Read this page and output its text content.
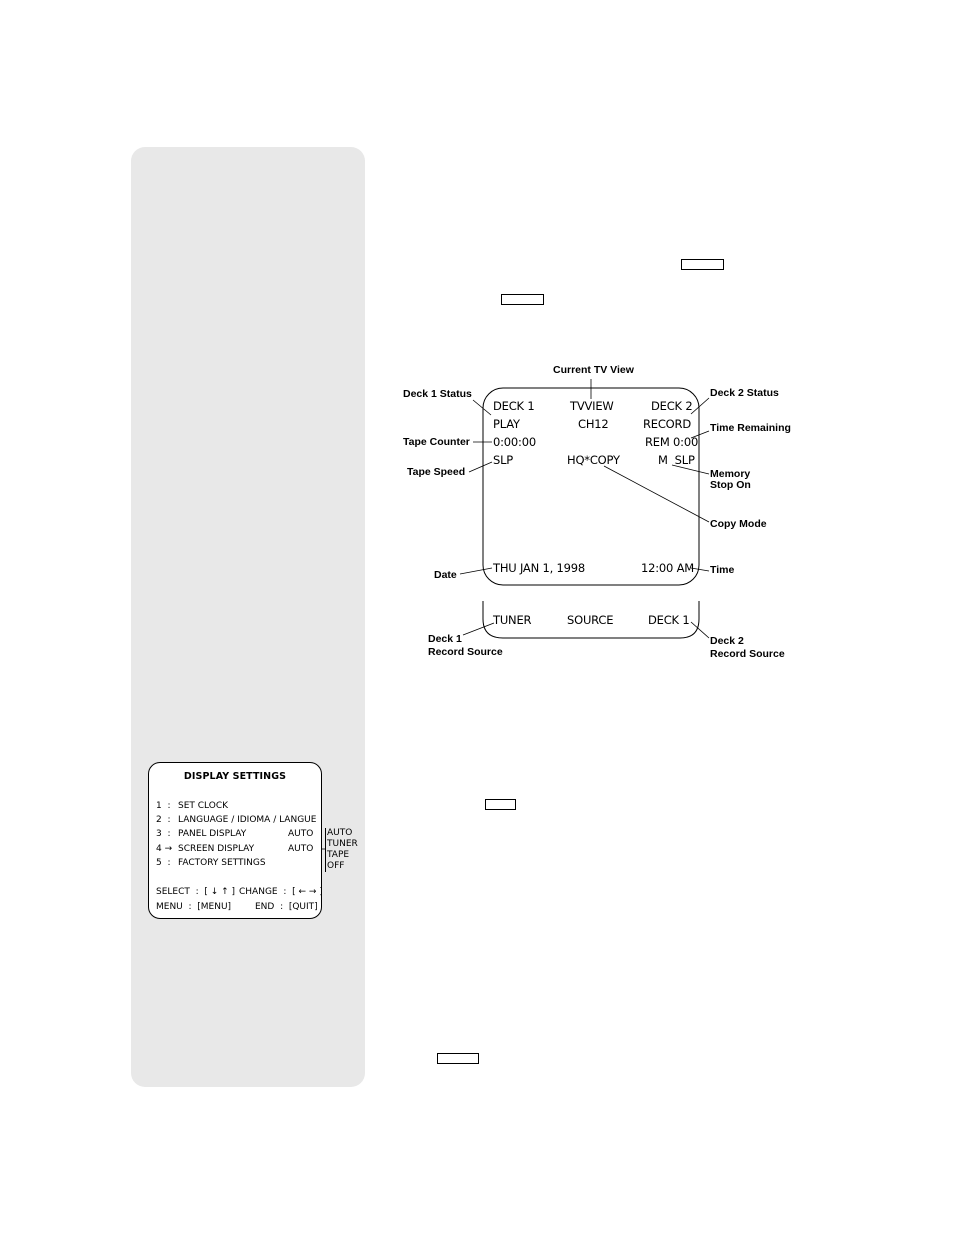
Current TV View
Deck 1 Status	Deck 2 Status
Time Remaining
Tape Counter
Tape Speed	Memory
Stop On
Copy Mode
Date	Time
Deck 1
Record Source
Deck 2
Record Source
DECK 1	TVVIEW	DECK 2
PLAY	CH12	RECORD
0:00:00	REM 0:00
SLP	HQ*COPY	M  SLP
THU JAN 1, 1998	12:00 AM
TUNER	SOURCE	DECK 1
DISPLAY SETTINGS
1  : SET CLOCK
2  : LANGUAGE / IDIOMA / LANGUE
3  : PANEL DISPLAY	AUTO
4 → SCREEN DISPLAY	AUTO
5  : FACTORY SETTINGS
SELECT  :  [ ↓ ↑ ] CHANGE  :  [ ← → ]
MENU  :  [MENU]	END  :  [QUIT]
AUTO
TUNER
TAPE
OFF
